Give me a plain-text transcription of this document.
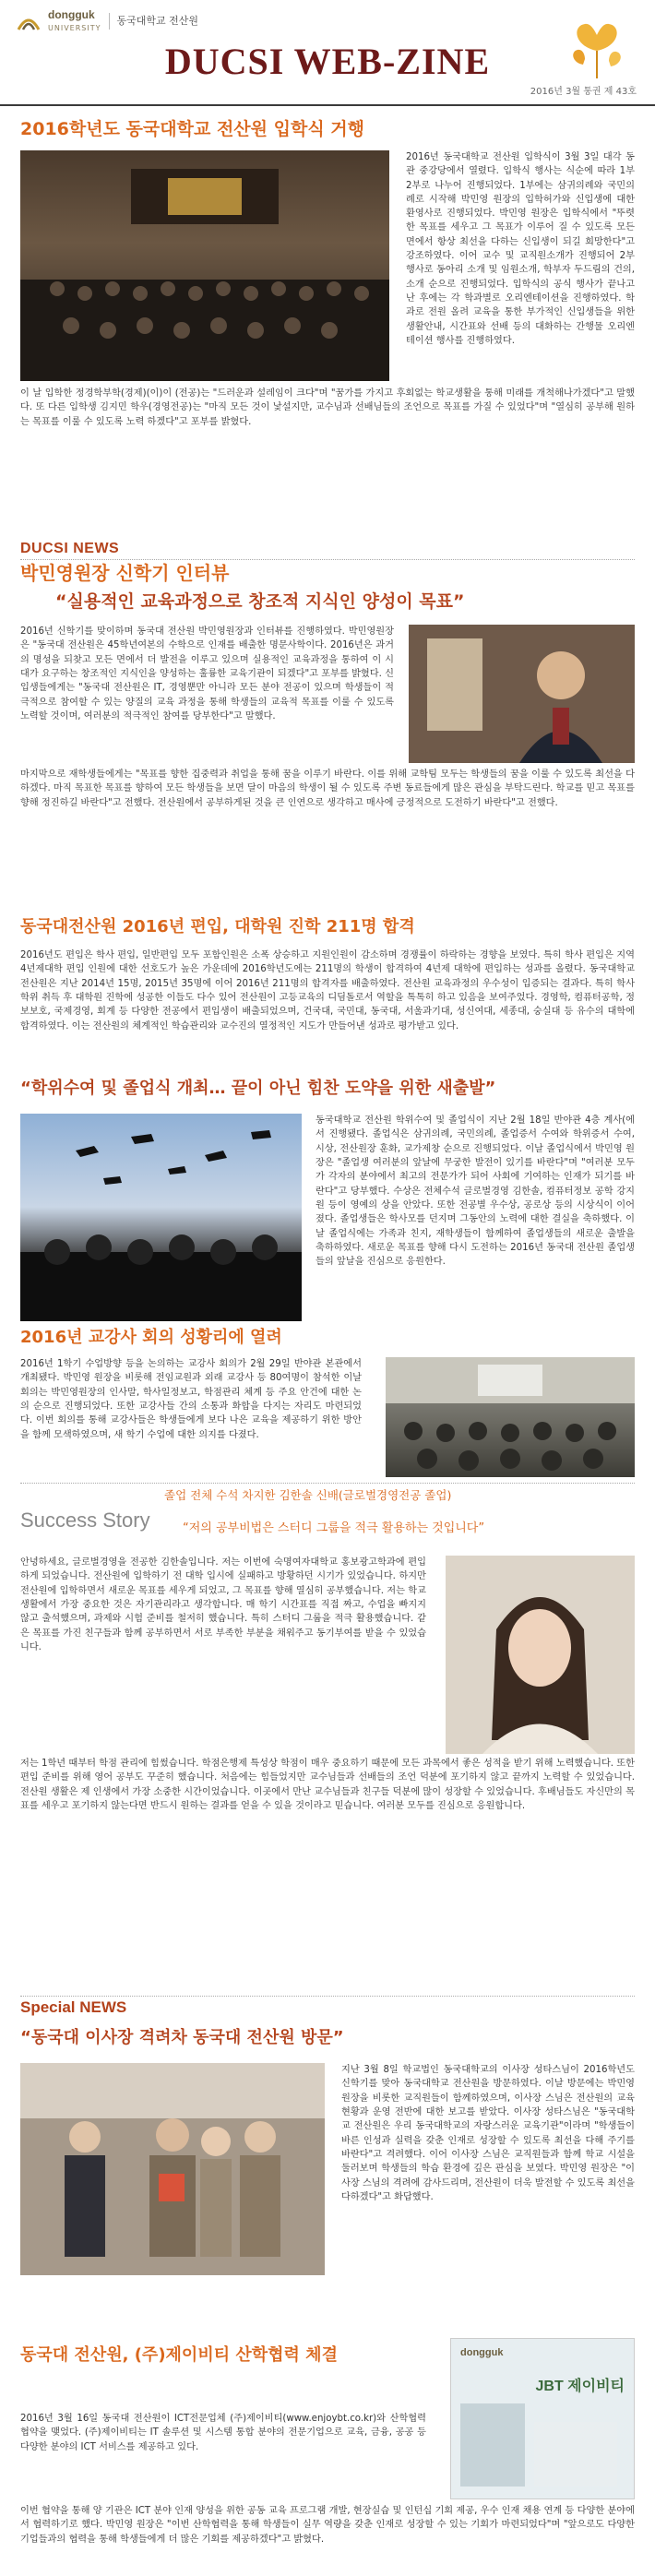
dongguk
UNIVERSITY
동국대학교 전산원
DUCSI WEB-ZINE
2016년 3월 통권 제 43호
2016학년도 동국대학교 전산원 입학식 거행
2016년 동국대학교 전산원 입학식이 3월 3일 대각 동관 중강당에서 열렸다. 입학식 행사는 식순에 따라 1부 2부로 나누어 진행되었다. 1부에는 삼귀의례와 국민의례로 시작해 박민영 원장의 입학허가와 신입생에 대한 환영사로 진행되었다. 박민영 원장은 입학식에서 "뚜렷한 목표를 세우고 그 목표가 이루어 질 수 있도록 모든 면에서 항상 최선을 다하는 신입생이 되길 희망한다"고 강조하였다. 이어 교수 및 교직원소개가 진행되어 2부 행사로 동아리 소개 및 임원소개, 학부자 두드림의 건의, 소개 순으로 진행되었다. 입학식의 공식 행사가 끝나고 난 후에는 각 학과별로 오리엔테이션을 진행하였다. 학과로 전원 올려 교육을 통한 부가적인 신입생들을 위한 생활안내, 시간표와 선배 등의 대화하는 간행물 오리엔테이션 행사를 진행하였다.
이 날 입학한 정경학부학(경제)(이)이 (전공)는 "드러운과 설레임이 크다"며 "꿈가를 가지고 후회없는 학교생활을 통해 미래를 개척해나가겠다"고 말했다. 또 다른 입학생 김지민 학우(경영전공)는 "마직 모든 것이 낯설지만, 교수님과 선배님들의 조언으로 목표를 가질 수 있었다"며 "열심히 공부해 원하는 목표를 이룰 수 있도록 노력 하겠다"고 포부를 밝혔다.
DUCSI NEWS
박민영원장 신학기 인터뷰
“실용적인 교육과정으로 창조적 지식인 양성이 목표”
2016년 신학기를 맞이하며 동국대 전산원 박민영원장과 인터뷰를 진행하였다. 박민영원장은 "동국대 전산원은 45학년여본의 수학으로 인재를 배출한 명문사학이다. 2016년은 과거의 명성을 되찾고 모든 면에서 더 발전을 이루고 있으며 실용적인 교육과정을 통하여 이 시대가 요구하는 창조적인 지식인을 양성하는 훌륭한 교육기관이 되겠다"고 포부를 밝혔다. 신입생들에게는 "동국대 전산원은 IT, 경영뿐만 아니라 모든 분야 전공이 있으며 학생들이 적극적으로 참여할 수 있는 양질의 교육 과정을 통해 학생들의 교육적 목표를 이룰 수 있도록 노력할 것이며, 여러분의 적극적인 참여를 당부한다"고 말했다.
마지막으로 재학생들에게는 "목표를 향한 집중력과 취업을 통해 꿈을 이루기 바란다. 이를 위해 교학팀 모두는 학생들의 꿈을 이룰 수 있도록 최선을 다하겠다. 마직 목표한 목표를 향하여 모든 학생들을 보면 달이 마음의 학생이 될 수 있도록 주변 동료들에게 많은 관심을 부탁드린다. 학교를 믿고 목표를 향해 정진하길 바란다"고 전했다. 전산원에서 공부하게된 것을 큰 인연으로 생각하고 매사에 긍정적으로 도전하기 바란다"고 전했다.
동국대전산원 2016년 편입, 대학원 진학 211명 합격
2016년도 편입은 학사 편입, 일반편입 모두 포함인원은 소폭 상승하고 지원인원이 감소하며 경쟁률이 하락하는 경향을 보였다. 특히 학사 편입은 지역 4년제대학 편입 인원에 대한 선호도가 높은 가운데에 2016학년도에는 211명의 학생이 합격하여 4년제 대학에 편입하는 성과를 올렸다. 동국대학교 전산원은 지난 2014년 15명, 2015년 35명에 이어 2016년 211명의 합격자를 배출하였다. 전산원 교육과정의 우수성이 입증되는 결과다. 특히 학사학위 취득 후 대학원 진학에 성공한 이들도 다수 있어 전산원이 고등교육의 디딤돌로서 역할을 톡톡히 하고 있음을 보여주었다. 경영학, 컴퓨터공학, 정보보호, 국제경영, 회계 등 다양한 전공에서 편입생이 배출되었으며, 건국대, 국민대, 동국대, 서울과기대, 성신여대, 세종대, 숭실대 등 유수의 대학에 합격하였다. 이는 전산원의 체계적인 학습관리와 교수진의 열정적인 지도가 만들어낸 성과로 평가받고 있다.
“학위수여 및 졸업식 개최… 끝이 아닌 힘찬 도약을 위한 새출발”
동국대학교 전산원 학위수여 및 졸업식이 지난 2월 18일 반야관 4층 계사(에서 진행됐다. 졸업식은 삼귀의례, 국민의례, 졸업증서 수여와 학위증서 수여, 시상, 전산원장 훈화, 교가제창 순으로 진행되었다. 이날 졸업식에서 박민영 원장은 "졸업생 여러분의 앞날에 무궁한 발전이 있기를 바란다"며 "여러분 모두가 각자의 분야에서 최고의 전문가가 되어 사회에 기여하는 인재가 되기를 바란다"고 당부했다. 수상은 전체수석 글로벌경영 김한솔, 컴퓨터정보 공학 강지원 등이 영예의 상을 안았다. 또한 전공별 우수상, 공로상 등의 시상식이 이어졌다. 졸업생들은 학사모를 던지며 그동안의 노력에 대한 결실을 축하했다. 이날 졸업식에는 가족과 친지, 재학생들이 함께하여 졸업생들의 새로운 출발을 축하하였다. 새로운 목표를 향해 다시 도전하는 2016년 동국대 전산원 졸업생들의 앞날을 진심으로 응원한다.
2016년 교강사 회의 성황리에 열려
2016년 1학기 수업방향 등을 논의하는 교강사 회의가 2월 29일 반야관 본관에서 개최됐다. 박민영 원장을 비롯해 전임교원과 외래 교강사 등 80여명이 참석한 이날 회의는 박민영원장의 인사말, 학사일정보고, 학점관리 체계 등 주요 안건에 대한 논의 순으로 진행되었다. 또한 교강사들 간의 소통과 화합을 다지는 자리도 마련되었다. 이번 회의를 통해 교강사들은 학생들에게 보다 나은 교육을 제공하기 위한 방안을 함께 모색하였으며, 새 학기 수업에 대한 의지를 다졌다.
졸업 전체 수석 차지한 김한솔 신배(글로벌경영전공 졸업)
Success Story	“저의 공부비법은 스터디 그룹을 적극 활용하는 것입니다”
안녕하세요, 글로벌경영을 전공한 김한솔입니다. 저는 이번에 숙명여자대학교 홍보광고학과에 편입하게 되었습니다. 전산원에 입학하기 전 대학 입시에 실패하고 방황하던 시기가 있었습니다. 하지만 전산원에 입학하면서 새로운 목표를 세우게 되었고, 그 목표를 향해 열심히 공부했습니다. 저는 학교생활에서 가장 중요한 것은 자기관리라고 생각합니다. 매 학기 시간표를 직접 짜고, 수업을 빠지지 않고 출석했으며, 과제와 시험 준비를 철저히 했습니다. 특히 스터디 그룹을 적극 활용했습니다. 같은 목표를 가진 친구들과 함께 공부하면서 서로 부족한 부분을 채워주고 동기부여를 받을 수 있었습니다.
저는 1학년 때부터 학점 관리에 힘썼습니다. 학점은행제 특성상 학점이 매우 중요하기 때문에 모든 과목에서 좋은 성적을 받기 위해 노력했습니다. 또한 편입 준비를 위해 영어 공부도 꾸준히 했습니다. 처음에는 힘들었지만 교수님들과 선배들의 조언 덕분에 포기하지 않고 끝까지 노력할 수 있었습니다. 전산원 생활은 제 인생에서 가장 소중한 시간이었습니다. 이곳에서 만난 교수님들과 친구들 덕분에 많이 성장할 수 있었습니다. 후배님들도 자신만의 목표를 세우고 포기하지 않는다면 반드시 원하는 결과를 얻을 수 있을 것이라고 믿습니다. 여러분 모두를 진심으로 응원합니다.
Special NEWS
“동국대 이사장 격려차 동국대 전산원 방문”
지난 3월 8일 학교법인 동국대학교의 이사장 성타스님이 2016학년도 신학기를 맞아 동국대학교 전산원을 방문하였다. 이날 방문에는 박민영 원장을 비롯한 교직원들이 함께하였으며, 이사장 스님은 전산원의 교육 현황과 운영 전반에 대한 보고를 받았다. 이사장 성타스님은 "동국대학교 전산원은 우리 동국대학교의 자랑스러운 교육기관"이라며 "학생들이 바른 인성과 실력을 갖춘 인재로 성장할 수 있도록 최선을 다해 주기를 바란다"고 격려했다. 이어 이사장 스님은 교직원들과 함께 학교 시설을 둘러보며 학생들의 학습 환경에 깊은 관심을 보였다. 박민영 원장은 "이사장 스님의 격려에 감사드리며, 전산원이 더욱 발전할 수 있도록 최선을 다하겠다"고 화답했다.
동국대 전산원, (주)제이비티 산학협력 체결	dongguk
JBT 제이비티
2016년 3월 16일 동국대 전산원이 ICT전문업체 (주)제이비티(www.enjoybt.co.kr)와 산학협력 협약을 맺었다. (주)제이비티는 IT 솔루션 및 시스템 통합 분야의 전문기업으로 교육, 금융, 공공 등 다양한 분야의 ICT 서비스를 제공하고 있다.
이번 협약을 통해 양 기관은 ICT 분야 인재 양성을 위한 공동 교육 프로그램 개발, 현장실습 및 인턴십 기회 제공, 우수 인재 채용 연계 등 다양한 분야에서 협력하기로 했다. 박민영 원장은 "이번 산학협력을 통해 학생들이 실무 역량을 갖춘 인재로 성장할 수 있는 기회가 마련되었다"며 "앞으로도 다양한 기업들과의 협력을 통해 학생들에게 더 많은 기회를 제공하겠다"고 밝혔다.
